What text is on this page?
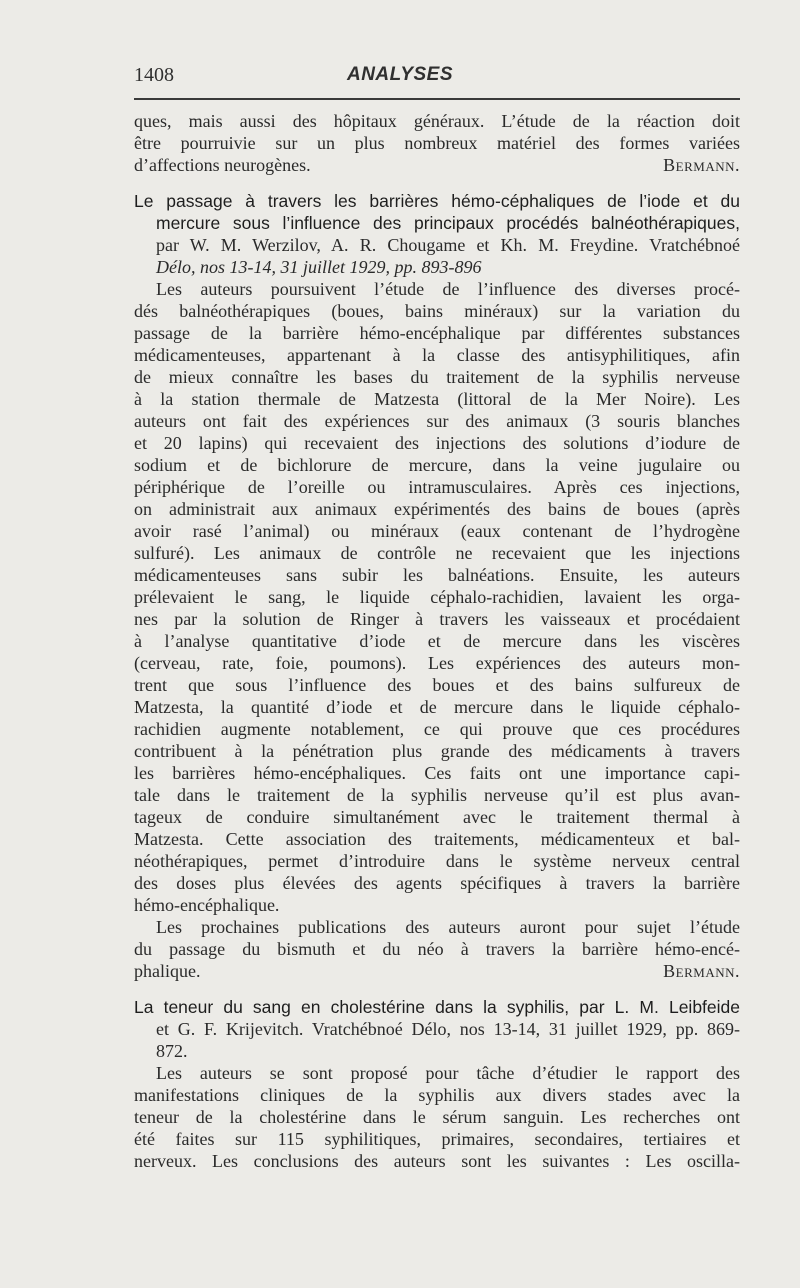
1408	ANALYSES
ques, mais aussi des hôpitaux généraux. L’étude de la réaction doit
être pourruivie sur un plus nombreux matériel des formes variées
d’affections neurogènes.	Bermann.
Le passage à travers les barrières hémo-céphaliques de l’iode et du
mercure sous l’influence des principaux procédés balnéothérapiques,
par W. M. Werzilov, A. R. Chougame et Kh. M. Freydine. Vratchébnoé
Délo, nos 13-14, 31 juillet 1929, pp. 893-896
Les auteurs poursuivent l’étude de l’influence des diverses procé-
dés balnéothérapiques (boues, bains minéraux) sur la variation du
passage de la barrière hémo-encéphalique par différentes substances
médicamenteuses, appartenant à la classe des antisyphilitiques, afin
de mieux connaître les bases du traitement de la syphilis nerveuse
à la station thermale de Matzesta (littoral de la Mer Noire). Les
auteurs ont fait des expériences sur des animaux (3 souris blanches
et 20 lapins) qui recevaient des injections des solutions d’iodure de
sodium et de bichlorure de mercure, dans la veine jugulaire ou
périphérique de l’oreille ou intramusculaires. Après ces injections,
on administrait aux animaux expérimentés des bains de boues (après
avoir rasé l’animal) ou minéraux (eaux contenant de l’hydrogène
sulfuré). Les animaux de contrôle ne recevaient que les injections
médicamenteuses sans subir les balnéations. Ensuite, les auteurs
prélevaient le sang, le liquide céphalo-rachidien, lavaient les orga-
nes par la solution de Ringer à travers les vaisseaux et procédaient
à l’analyse quantitative d’iode et de mercure dans les viscères
(cerveau, rate, foie, poumons). Les expériences des auteurs mon-
trent que sous l’influence des boues et des bains sulfureux de
Matzesta, la quantité d’iode et de mercure dans le liquide céphalo-
rachidien augmente notablement, ce qui prouve que ces procédures
contribuent à la pénétration plus grande des médicaments à travers
les barrières hémo-encéphaliques. Ces faits ont une importance capi-
tale dans le traitement de la syphilis nerveuse qu’il est plus avan-
tageux de conduire simultanément avec le traitement thermal à
Matzesta. Cette association des traitements, médicamenteux et bal-
néothérapiques, permet d’introduire dans le système nerveux central
des doses plus élevées des agents spécifiques à travers la barrière
hémo-encéphalique.
Les prochaines publications des auteurs auront pour sujet l’étude
du passage du bismuth et du néo à travers la barrière hémo-encé-
phalique.	Bermann.
La teneur du sang en cholestérine dans la syphilis, par L. M. Leibfeide
et G. F. Krijevitch. Vratchébnoé Délo, nos 13-14, 31 juillet 1929, pp. 869-
872.
Les auteurs se sont proposé pour tâche d’étudier le rapport des
manifestations cliniques de la syphilis aux divers stades avec la
teneur de la cholestérine dans le sérum sanguin. Les recherches ont
été faites sur 115 syphilitiques, primaires, secondaires, tertiaires et
nerveux. Les conclusions des auteurs sont les suivantes : Les oscilla-
